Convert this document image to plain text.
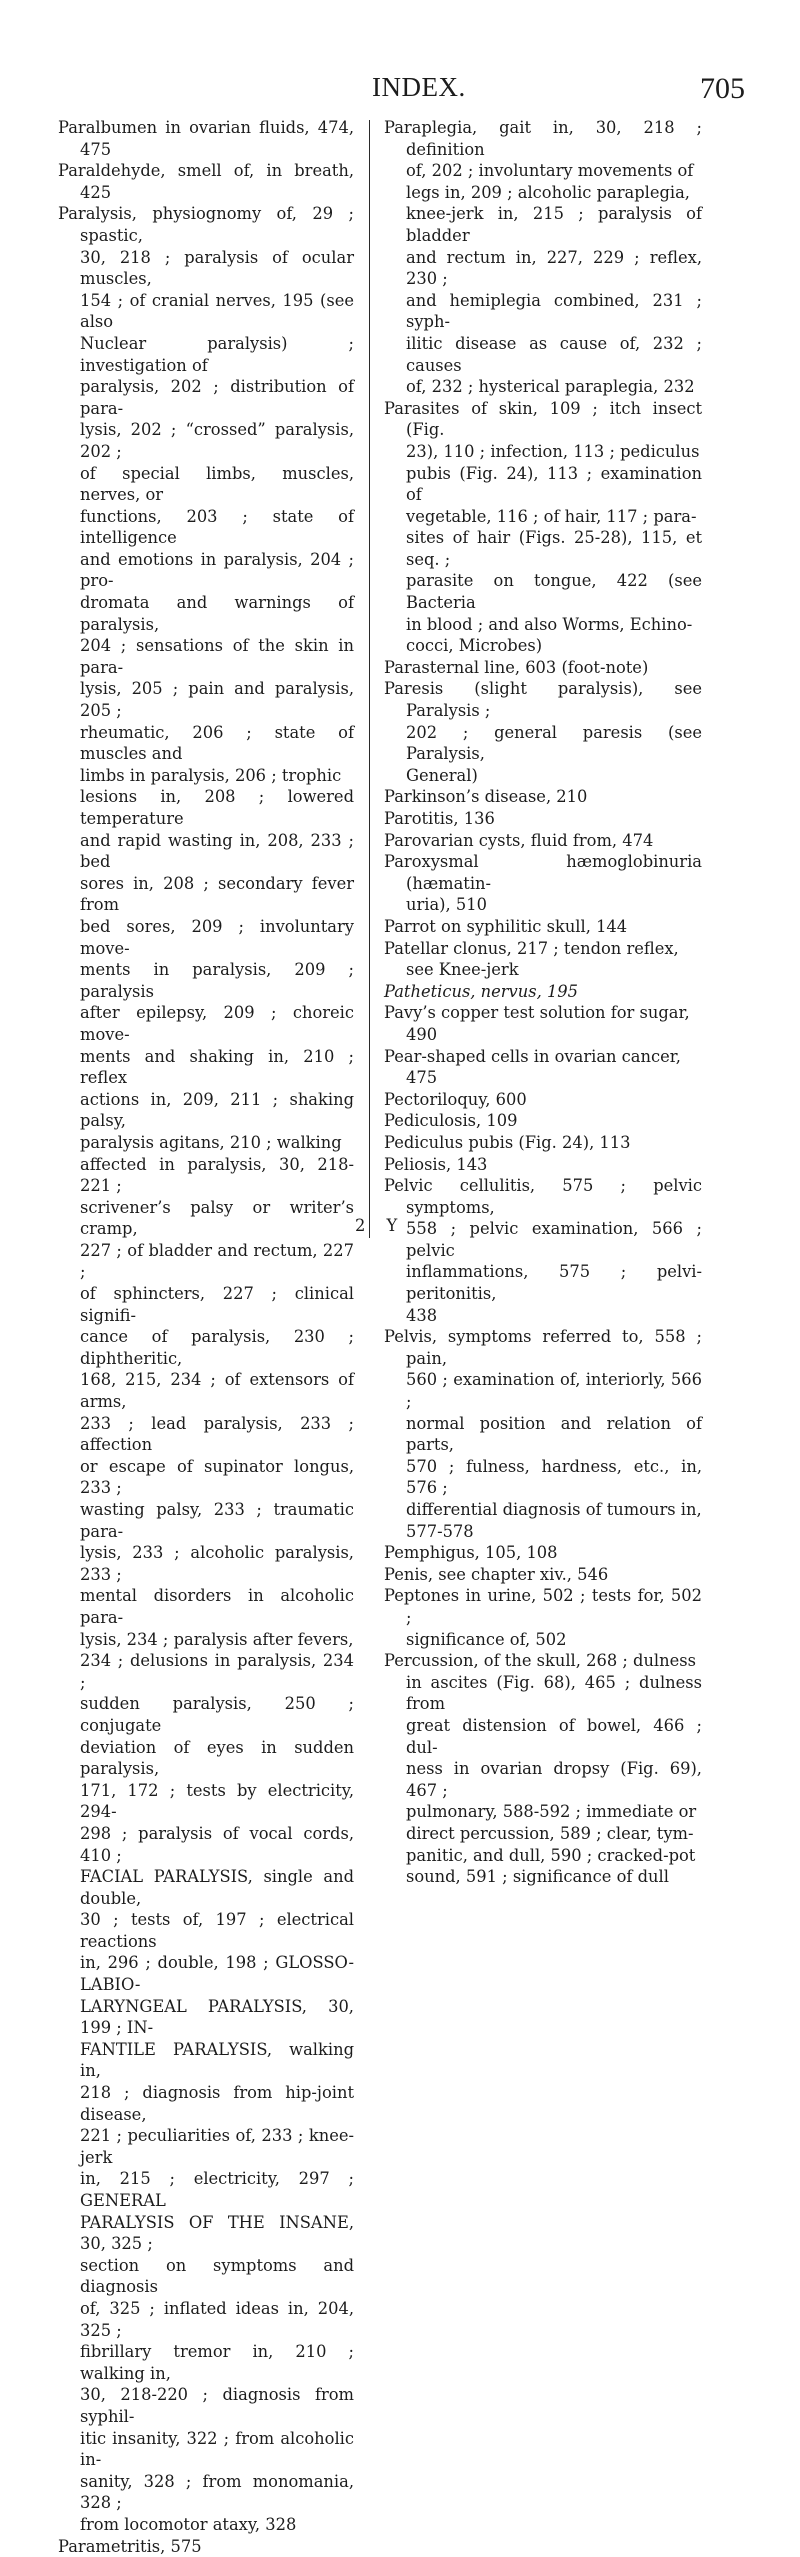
INDEX.	705

Paralbumen in ovarian fluids, 474, 475

Paraldehyde, smell of, in breath, 425

Paralysis, physiognomy of, 29 ; spastic,
30, 218 ; paralysis of ocular muscles,
154 ; of cranial nerves, 195 (see also
Nuclear paralysis) ; investigation of
paralysis, 202 ; distribution of para-
lysis, 202 ; “crossed” paralysis, 202 ;
of special limbs, muscles, nerves, or
functions, 203 ; state of intelligence
and emotions in paralysis, 204 ; pro-
dromata and warnings of paralysis,
204 ; sensations of the skin in para-
lysis, 205 ; pain and paralysis, 205 ;
rheumatic, 206 ; state of muscles and
limbs in paralysis, 206 ; trophic
lesions in, 208 ; lowered temperature
and rapid wasting in, 208, 233 ; bed
sores in, 208 ; secondary fever from
bed sores, 209 ; involuntary move-
ments in paralysis, 209 ; paralysis
after epilepsy, 209 ; choreic move-
ments and shaking in, 210 ; reflex
actions in, 209, 211 ; shaking palsy,
paralysis agitans, 210 ; walking
affected in paralysis, 30, 218-221 ;
scrivener’s palsy or writer’s cramp,
227 ; of bladder and rectum, 227 ;
of sphincters, 227 ; clinical signifi-
cance of paralysis, 230 ; diphtheritic,
168, 215, 234 ; of extensors of arms,
233 ; lead paralysis, 233 ; affection
or escape of supinator longus, 233 ;
wasting palsy, 233 ; traumatic para-
lysis, 233 ; alcoholic paralysis, 233 ;
mental disorders in alcoholic para-
lysis, 234 ; paralysis after fevers,
234 ; delusions in paralysis, 234 ;
sudden paralysis, 250 ; conjugate
deviation of eyes in sudden paralysis,
171, 172 ; tests by electricity, 294-
298 ; paralysis of vocal cords, 410 ;
FACIAL PARALYSIS, single and double,
30 ; tests of, 197 ; electrical reactions
in, 296 ; double, 198 ; GLOSSO-LABIO-
LARYNGEAL PARALYSIS, 30, 199 ; IN-
FANTILE PARALYSIS, walking in,
218 ; diagnosis from hip-joint disease,
221 ; peculiarities of, 233 ; knee-jerk
in, 215 ; electricity, 297 ; GENERAL
PARALYSIS OF THE INSANE, 30, 325 ;
section on symptoms and diagnosis
of, 325 ; inflated ideas in, 204, 325 ;
fibrillary tremor in, 210 ; walking in,
30, 218-220 ; diagnosis from syphil-
itic insanity, 322 ; from alcoholic in-
sanity, 328 ; from monomania, 328 ;
from locomotor ataxy, 328

Parametritis, 575

Paraplegia, gait in, 30, 218 ; definition
of, 202 ; involuntary movements of
legs in, 209 ; alcoholic paraplegia,
knee-jerk in, 215 ; paralysis of bladder
and rectum in, 227, 229 ; reflex, 230 ;
and hemiplegia combined, 231 ; syph-
ilitic disease as cause of, 232 ; causes
of, 232 ; hysterical paraplegia, 232

Parasites of skin, 109 ; itch insect (Fig.
23), 110 ; infection, 113 ; pediculus
pubis (Fig. 24), 113 ; examination of
vegetable, 116 ; of hair, 117 ; para-
sites of hair (Figs. 25-28), 115, et seq. ;
parasite on tongue, 422 (see Bacteria
in blood ; and also Worms, Echino-
cocci, Microbes)

Parasternal line, 603 (foot-note)

Paresis (slight paralysis), see Paralysis ;
202 ; general paresis (see Paralysis,
General)

Parkinson’s disease, 210

Parotitis, 136

Parovarian cysts, fluid from, 474

Paroxysmal hæmoglobinuria (hæmatin-
uria), 510

Parrot on syphilitic skull, 144

Patellar clonus, 217 ; tendon reflex,
see Knee-jerk

Patheticus, nervus, 195

Pavy’s copper test solution for sugar,
490

Pear-shaped cells in ovarian cancer,
475

Pectoriloquy, 600

Pediculosis, 109

Pediculus pubis (Fig. 24), 113

Peliosis, 143

Pelvic cellulitis, 575 ; pelvic symptoms,
558 ; pelvic examination, 566 ; pelvic
inflammations, 575 ; pelvi-peritonitis,
438

Pelvis, symptoms referred to, 558 ; pain,
560 ; examination of, interiorly, 566 ;
normal position and relation of parts,
570 ; fulness, hardness, etc., in, 576 ;
differential diagnosis of tumours in,
577-578

Pemphigus, 105, 108

Penis, see chapter xiv., 546

Peptones in urine, 502 ; tests for, 502 ;
significance of, 502

Percussion, of the skull, 268 ; dulness
in ascites (Fig. 68), 465 ; dulness from
great distension of bowel, 466 ; dul-
ness in ovarian dropsy (Fig. 69), 467 ;
pulmonary, 588-592 ; immediate or
direct percussion, 589 ; clear, tym-
panitic, and dull, 590 ; cracked-pot
sound, 591 ; significance of dull

2 Y
